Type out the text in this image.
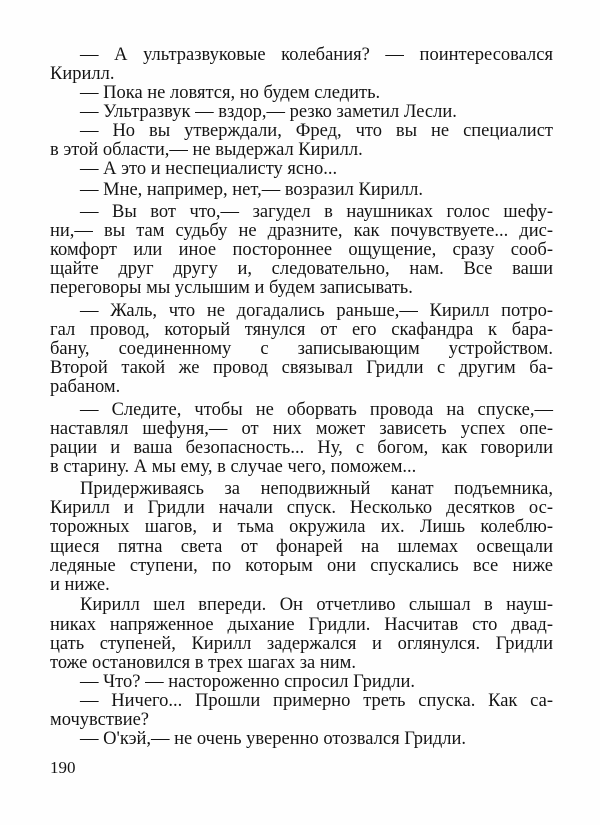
— А ультразвуковые колебания? — поинтересовался
Кирилл.
— Пока не ловятся, но будем следить.
— Ультразвук — вздор,— резко заметил Лесли.
— Но вы утверждали, Фред, что вы не специалист
в этой области,— не выдержал Кирилл.
— А это и неспециалисту ясно...
— Мне, например, нет,— возразил Кирилл.
— Вы вот что,— загудел в наушниках голос шефу-
ни,— вы там судьбу не дразните, как почувствуете... дис-
комфорт или иное постороннее ощущение, сразу сооб-
щайте друг другу и, следовательно, нам. Все ваши
переговоры мы услышим и будем записывать.
— Жаль, что не догадались раньше,— Кирилл потро-
гал провод, который тянулся от его скафандра к бара-
бану, соединенному с записывающим устройством.
Второй такой же провод связывал Гридли с другим ба-
рабаном.
— Следите, чтобы не оборвать провода на спуске,—
наставлял шефуня,— от них может зависеть успех опе-
рации и ваша безопасность... Ну, с богом, как говорили
в старину. А мы ему, в случае чего, поможем...
Придерживаясь за неподвижный канат подъемника,
Кирилл и Гридли начали спуск. Несколько десятков ос-
торожных шагов, и тьма окружила их. Лишь колеблю-
щиеся пятна света от фонарей на шлемах освещали
ледяные ступени, по которым они спускались все ниже
и ниже.
Кирилл шел впереди. Он отчетливо слышал в науш-
никах напряженное дыхание Гридли. Насчитав сто двад-
цать ступеней, Кирилл задержался и оглянулся. Гридли
тоже остановился в трех шагах за ним.
— Что? — настороженно спросил Гридли.
— Ничего... Прошли примерно треть спуска. Как са-
мочувствие?
— О'кэй,— не очень уверенно отозвался Гридли.
190
